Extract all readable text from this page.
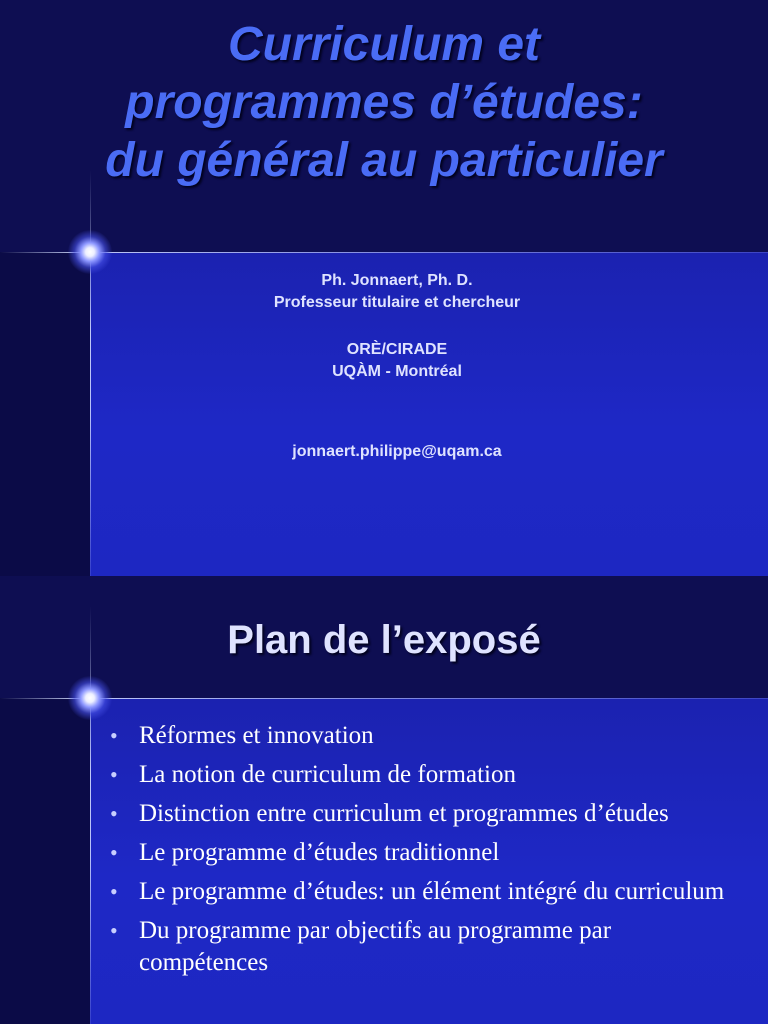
Curriculum et
programmes d’études:
du général au particulier
Ph. Jonnaert, Ph. D.
Professeur titulaire et chercheur
ORÈ/CIRADE
UQÀM - Montréal
jonnaert.philippe@uqam.ca
Plan de l’exposé
• Réformes et innovation
• La notion de curriculum de formation
• Distinction entre curriculum et programmes d’études
• Le programme d’études traditionnel
• Le programme d’études: un élément intégré du curriculum
• Du programme par objectifs au programme par compétences
